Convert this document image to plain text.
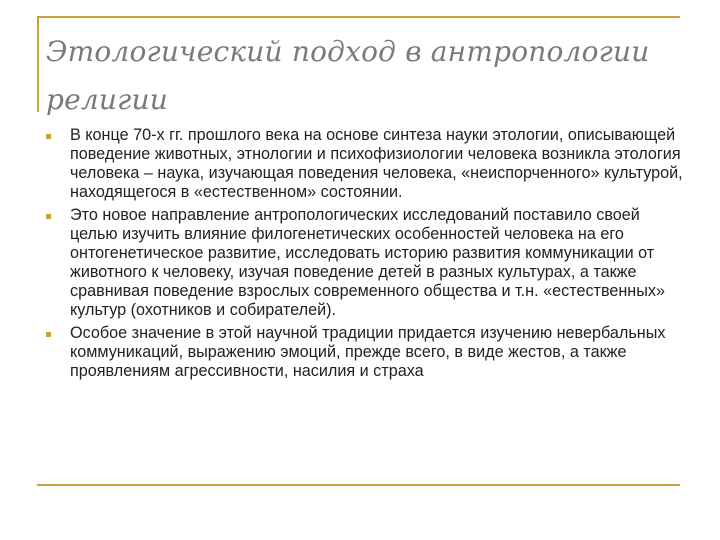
Этологический подход в антропологии религии
В конце 70-х гг. прошлого века на основе синтеза науки этологии, описывающей поведение животных, этнологии и психофизиологии человека возникла этология человека – наука, изучающая поведения человека, «неиспорченного» культурой, находящегося в «естественном» состоянии.
Это новое направление антропологических исследований поставило своей целью изучить влияние филогенетических особенностей человека на его онтогенетическое развитие, исследовать историю развития коммуникации от животного к человеку, изучая поведение детей в разных культурах, а также сравнивая поведение взрослых современного общества и т.н. «естественных» культур (охотников и собирателей).
Особое значение в этой научной традиции придается изучению невербальных коммуникаций, выражению эмоций, прежде всего, в виде жестов, а также проявлениям агрессивности, насилия и страха
